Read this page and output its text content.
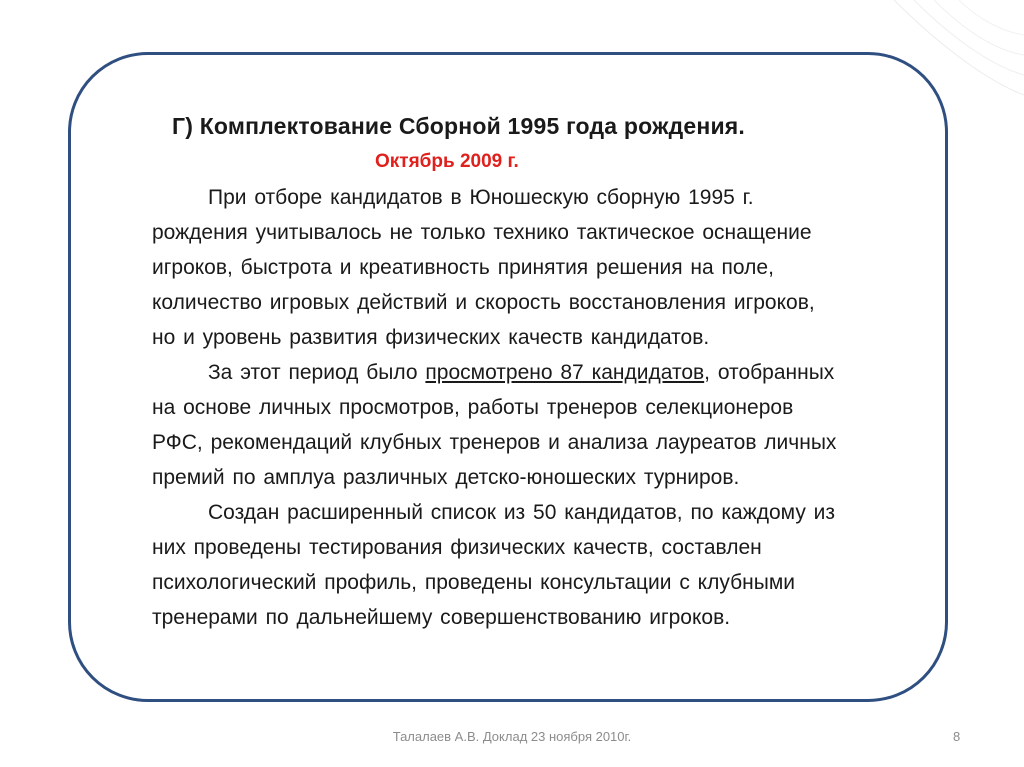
Г) Комплектование Сборной 1995 года рождения.
Октябрь 2009 г.
При отборе кандидатов в Юношескую сборную 1995 г.
рождения учитывалось не только технико тактическое оснащение
игроков, быстрота и креативность принятия решения на поле,
количество игровых действий и скорость восстановления игроков,
но и уровень развития физических качеств кандидатов.
За этот период было просмотрено 87 кандидатов, отобранных
на основе личных просмотров, работы тренеров селекционеров
РФС, рекомендаций клубных тренеров и анализа лауреатов личных
премий по амплуа различных детско-юношеских турниров.
Создан расширенный список из 50 кандидатов, по каждому из
них проведены тестирования физических качеств, составлен
психологический профиль, проведены консультации с клубными
тренерами по дальнейшему совершенствованию игроков.
Талалаев А.В. Доклад 23 ноября 2010г.	8
